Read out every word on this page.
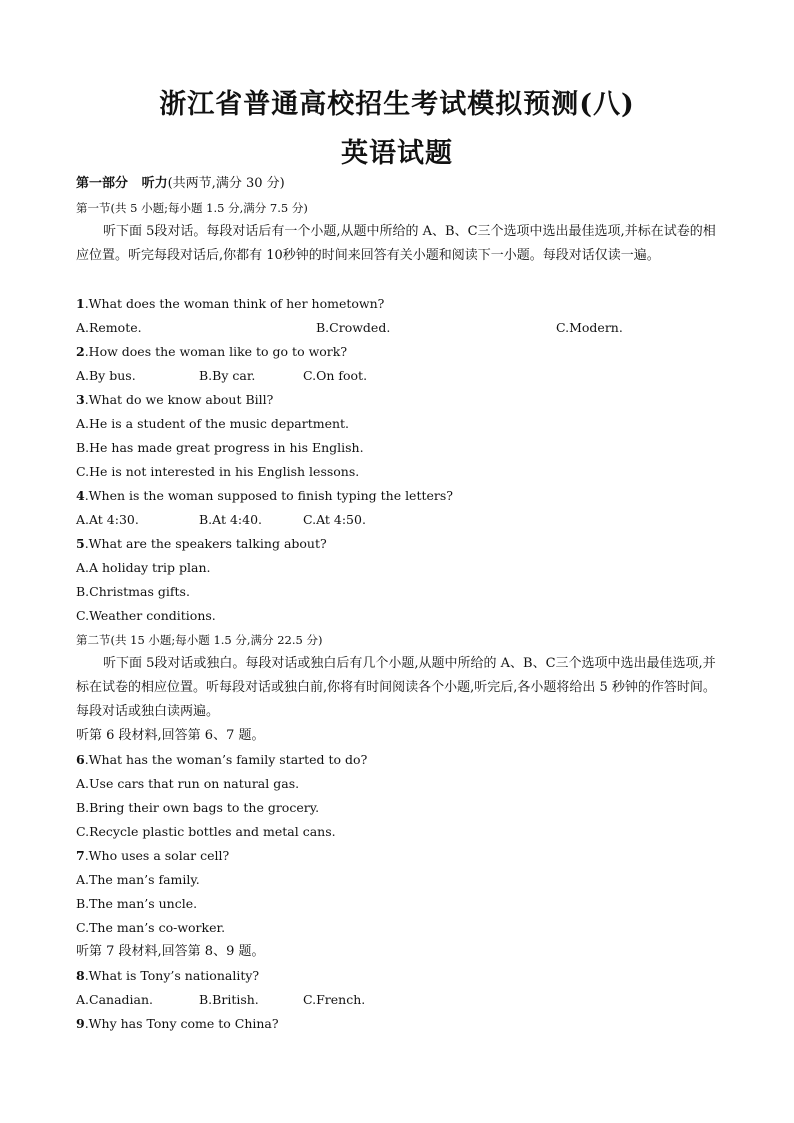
浙江省普通高校招生考试模拟预测(八)
英语试题
第一部分 听力(共两节,满分 30 分)
第一节(共 5 小题;每小题 1.5 分,满分 7.5 分)
听下面 5段对话。每段对话后有一个小题,从题中所给的 A、B、C三个选项中选出最佳选项,并标在试卷的相应位置。听完每段对话后,你都有 10秒钟的时间来回答有关小题和阅读下一小题。每段对话仅读一遍。
1.What does the woman think of her hometown?
A.Remote.	B.Crowded.	C.Modern.
2.How does the woman like to go to work?
A.By bus.	B.By car.	C.On foot.
3.What do we know about Bill?
A.He is a student of the music department.
B.He has made great progress in his English.
C.He is not interested in his English lessons.
4.When is the woman supposed to finish typing the letters?
A.At 4:30.	B.At 4:40.	C.At 4:50.
5.What are the speakers talking about?
A.A holiday trip plan.
B.Christmas gifts.
C.Weather conditions.
第二节(共 15 小题;每小题 1.5 分,满分 22.5 分)
听下面 5段对话或独白。每段对话或独白后有几个小题,从题中所给的 A、B、C三个选项中选出最佳选项,并标在试卷的相应位置。听每段对话或独白前,你将有时间阅读各个小题,听完后,各小题将给出 5 秒钟的作答时间。每段对话或独白读两遍。
听第 6 段材料,回答第 6、7 题。
6.What has the woman’s family started to do?
A.Use cars that run on natural gas.
B.Bring their own bags to the grocery.
C.Recycle plastic bottles and metal cans.
7.Who uses a solar cell?
A.The man’s family.
B.The man’s uncle.
C.The man’s co-worker.
听第 7 段材料,回答第 8、9 题。
8.What is Tony’s nationality?
A.Canadian.	B.British.	C.French.
9.Why has Tony come to China?
